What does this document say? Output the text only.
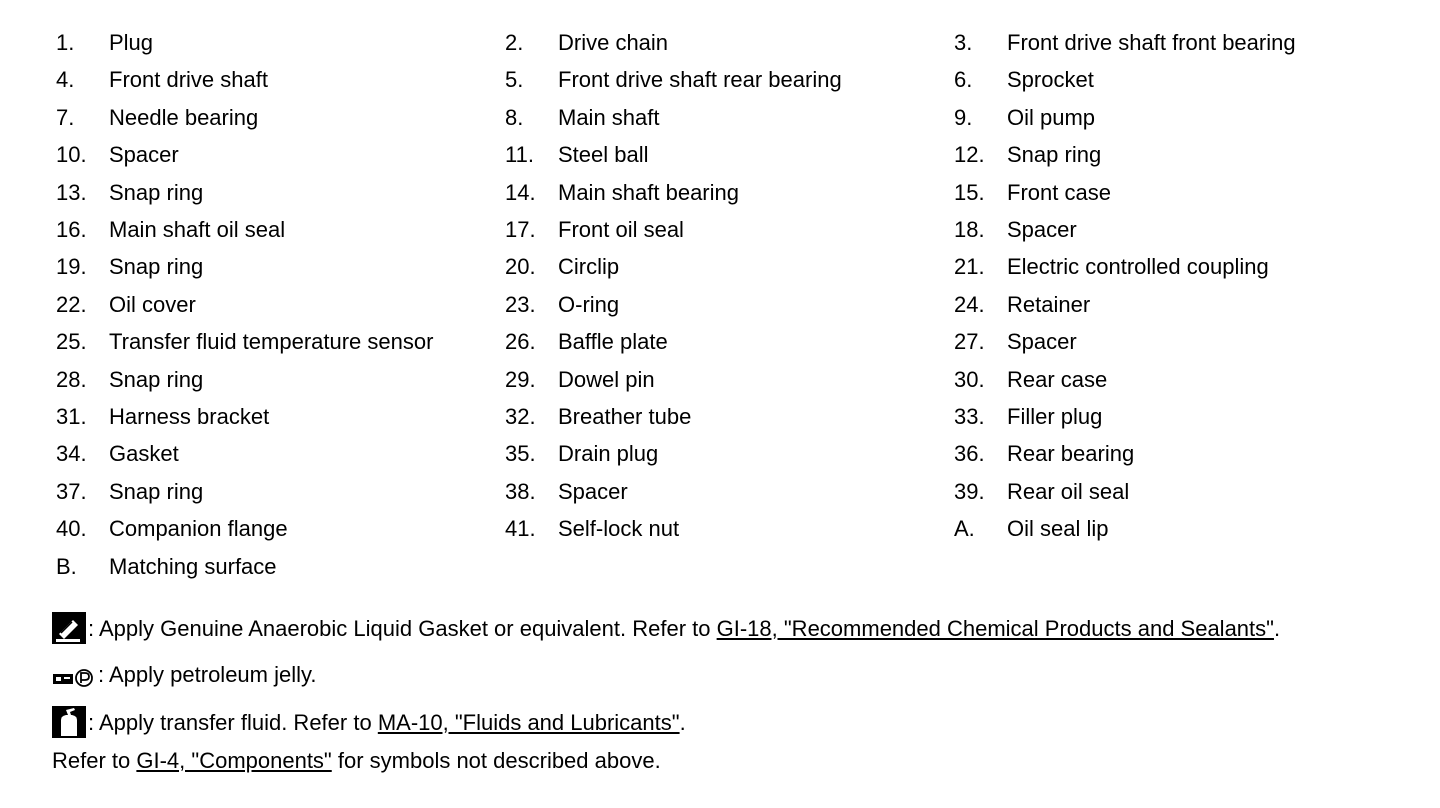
1. Plug	2. Drive chain	3. Front drive shaft front bearing
4. Front drive shaft	5. Front drive shaft rear bearing	6. Sprocket
7. Needle bearing	8. Main shaft	9. Oil pump
10. Spacer	11. Steel ball	12. Snap ring
13. Snap ring	14. Main shaft bearing	15. Front case
16. Main shaft oil seal	17. Front oil seal	18. Spacer
19. Snap ring	20. Circlip	21. Electric controlled coupling
22. Oil cover	23. O-ring	24. Retainer
25. Transfer fluid temperature sensor	26. Baffle plate	27. Spacer
28. Snap ring	29. Dowel pin	30. Rear case
31. Harness bracket	32. Breather tube	33. Filler plug
34. Gasket	35. Drain plug	36. Rear bearing
37. Snap ring	38. Spacer	39. Rear oil seal
40. Companion flange	41. Self-lock nut	A. Oil seal lip
B. Matching surface
: Apply Genuine Anaerobic Liquid Gasket or equivalent. Refer to GI-18, "Recommended Chemical Products and Sealants".
: Apply petroleum jelly.
: Apply transfer fluid. Refer to MA-10, "Fluids and Lubricants".
Refer to GI-4, "Components" for symbols not described above.
